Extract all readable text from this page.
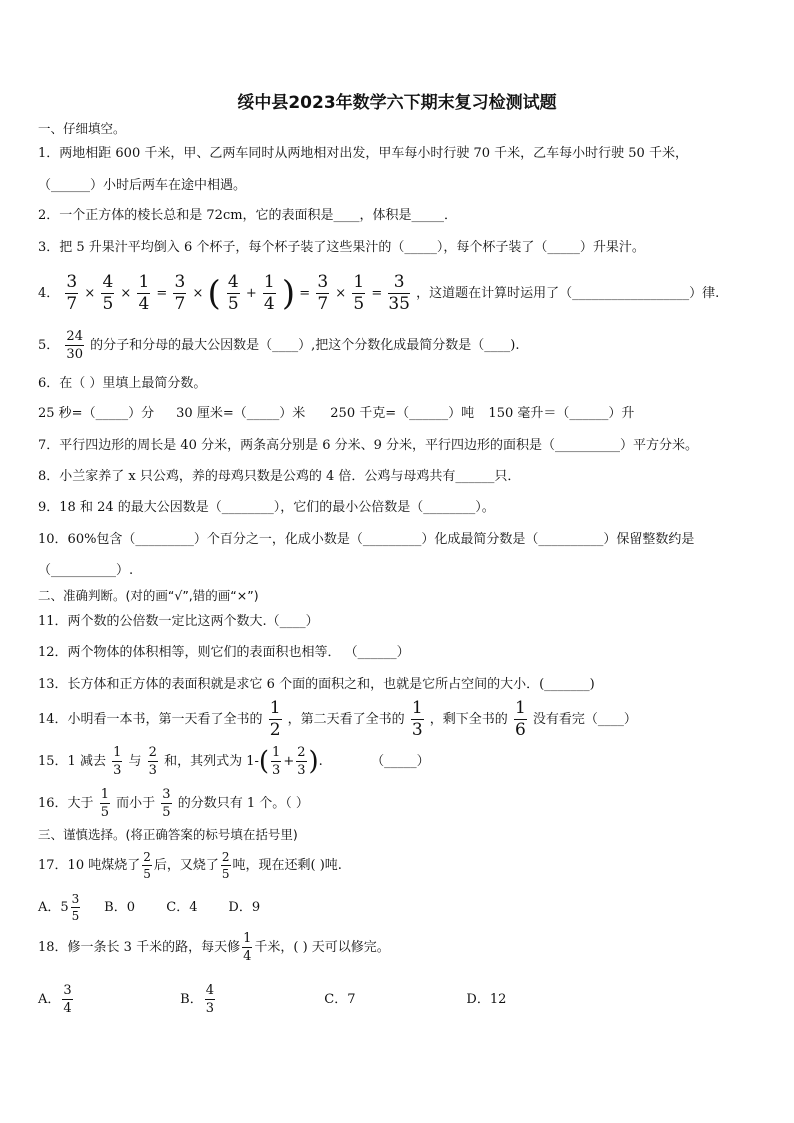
绥中县2023年数学六下期末复习检测试题
一、仔细填空。
1．两地相距 600 千米，甲、乙两车同时从两地相对出发，甲车每小时行驶 70 千米，乙车每小时行驶 50 千米，
（______）小时后两车在途中相遇。
2．一个正方体的棱长总和是 72cm，它的表面积是____，体积是_____．
3．把 5 升果汁平均倒入 6 个杯子，每个杯子装了这些果汁的（_____），每个杯子装了（_____）升果汁。
4． $\frac{3}{7} \times \frac{4}{5} \times \frac{1}{4} = \frac{3}{7}$ × ( $\frac{4}{5} + \frac{1}{4}$ ) = $\frac{3}{7} \times \frac{1}{5} = \frac{3}{35}$ ，这道题在计算时运用了（__________________）律.
5． $\frac{24}{30}$ 的分子和分母的最大公因数是（____）,把这个分数化成最简分数是（____).
6．在（ ）里填上最简分数。
25 秒=（_____）分 30 厘米=（_____）米 250 千克=（______）吨 150 毫升＝（______）升
7．平行四边形的周长是 40 分米，两条高分别是 6 分米、9 分米，平行四边形的面积是（__________）平方分米。
8．小兰家养了 x 只公鸡，养的母鸡只数是公鸡的 4 倍．公鸡与母鸡共有______只．
9．18 和 24 的最大公因数是（________），它们的最小公倍数是（________）。
10．60%包含（_________）个百分之一，化成小数是（_________）化成最简分数是（__________）保留整数约是
（__________）.
二、准确判断。(对的画“√”,错的画“×”)
11．两个数的公倍数一定比这两个数大.（____）
12．两个物体的体积相等，则它们的表面积也相等． （______）
13．长方体和正方体的表面积就是求它 6 个面的面积之和，也就是它所占空间的大小．(_______)
14．小明看一本书，第一天看了全书的 $\frac{1}{2}$ ，第二天看了全书的 $\frac{1}{3}$ ，剩下全书的 $\frac{1}{6}$ 没有看完（____）
15．1 减去 $\frac{1}{3}$ 与 $\frac{2}{3}$ 和，其列式为 $1-( \frac{1}{3} + \frac{2}{3}$ ).	（_____）
16．大于 $\frac{1}{5}$ 而小于 $\frac{3}{5}$ 的分数只有 1 个。（ ）
三、谨慎选择。(将正确答案的标号填在括号里)
17．10 吨煤烧了 $\frac{2}{5}$ 后，又烧了 $\frac{2}{5}$ 吨，现在还剩( )吨.
A．$5 \frac{3}{5}$ B．0 C．4 D．9
18．修一条长 3 千米的路，每天修 $\frac{1}{4}$ 千米，( ) 天可以修完。
A． $\frac{3}{4}$	B． $\frac{4}{3}$	C．7	D．12
